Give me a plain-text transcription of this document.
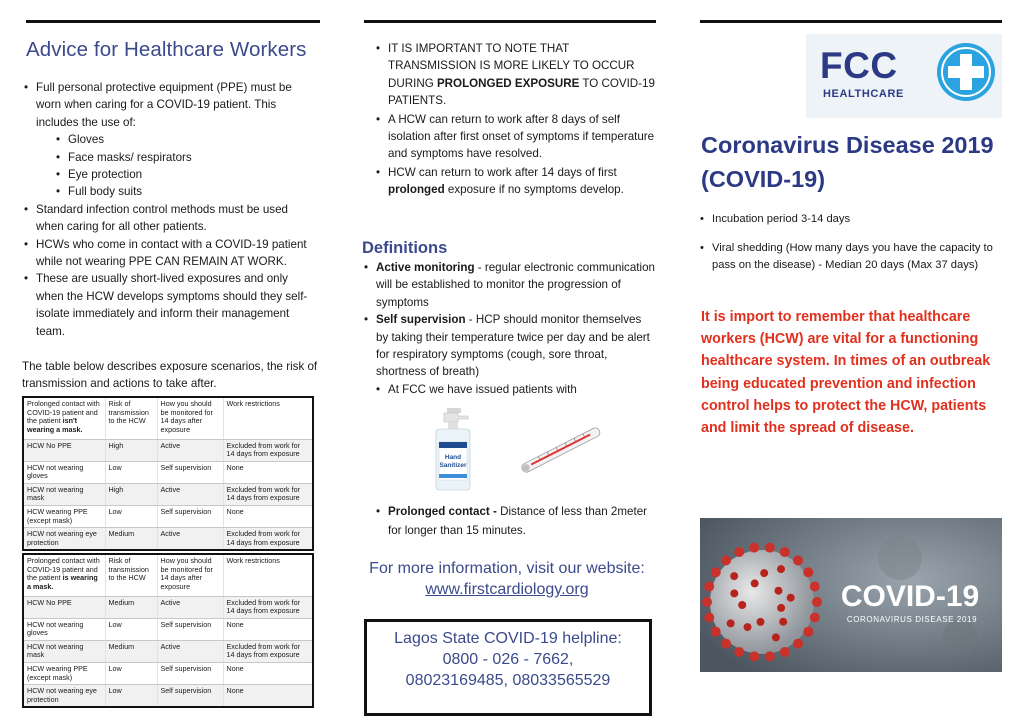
Advice for Healthcare Workers
• Full personal protective equipment (PPE) must be worn when caring for a COVID-19 patient. This includes the use of:
• Gloves
• Face masks/ respirators
• Eye protection
• Full body suits
• Standard infection control methods must be used when caring for all other patients.
• HCWs who come in contact with a COVID-19 patient while not wearing PPE CAN REMAIN AT WORK.
• These are usually short-lived exposures and only when the HCW develops symptoms should they self-isolate immediately and inform their management team.

The table below describes exposure scenarios, the risk of transmission and actions to take after.

Prolonged contact with COVID-19 patient and the patient isn't wearing a mask.	Risk of transmission to the HCW	How you should be monitored for 14 days after exposure	Work restrictions
HCW No PPE	High	Active	Excluded from work for 14 days from exposure
HCW not wearing gloves	Low	Self supervision	None
HCW not wearing mask	High	Active	Excluded from work for 14 days from exposure
HCW wearing PPE (except mask)	Low	Self supervision	None
HCW not wearing eye protection	Medium	Active	Excluded from work for 14 days from exposure
Prolonged contact with COVID-19 patient and the patient is wearing a mask.	Risk of transmission to the HCW	How you should be monitored for 14 days after exposure	Work restrictions
HCW No PPE	Medium	Active	Excluded from work for 14 days from exposure
HCW not wearing gloves	Low	Self supervision	None
HCW not wearing mask	Medium	Active	Excluded from work for 14 days from exposure
HCW wearing PPE (except mask)	Low	Self supervision	None
HCW not wearing eye protection	Low	Self supervision	None
• IT IS IMPORTANT TO NOTE THAT TRANSMISSION IS MORE LIKELY TO OCCUR DURING PROLONGED EXPOSURE TO COVID-19 PATIENTS.
• A HCW can return to work after 8 days of self isolation after first onset of symptoms if temperature and symptoms have resolved.
• HCW can return to work after 14 days of first prolonged exposure if no symptoms develop.
Definitions
• Active monitoring - regular electronic communication will be established to monitor the progression of symptoms
• Self supervision - HCP should monitor themselves by taking their temperature twice per day and be alert for respiratory symptoms (cough, sore throat, shortness of breath)
• At FCC we have issued patients with
Hand
Sanitizer
• Prolonged contact - Distance of less than 2meter for longer than 15 minutes.

For more information, visit our website: www.firstcardiology.org

Lagos State COVID-19 helpline:
0800 - 026 - 7662,
08023169485, 08033565529
FCC
HEALTHCARE
Coronavirus Disease 2019 (COVID-19)
• Incubation period 3-14 days
• Viral shedding (How many days you have the capacity to pass on the disease) - Median 20 days (Max 37 days)

It is import to remember that healthcare workers (HCW) are vital for a functioning healthcare system. In times of an outbreak being educated prevention and infection control helps to protect the HCW, patients and limit the spread of disease.

COVID-19
CORONAVIRUS DISEASE 2019
